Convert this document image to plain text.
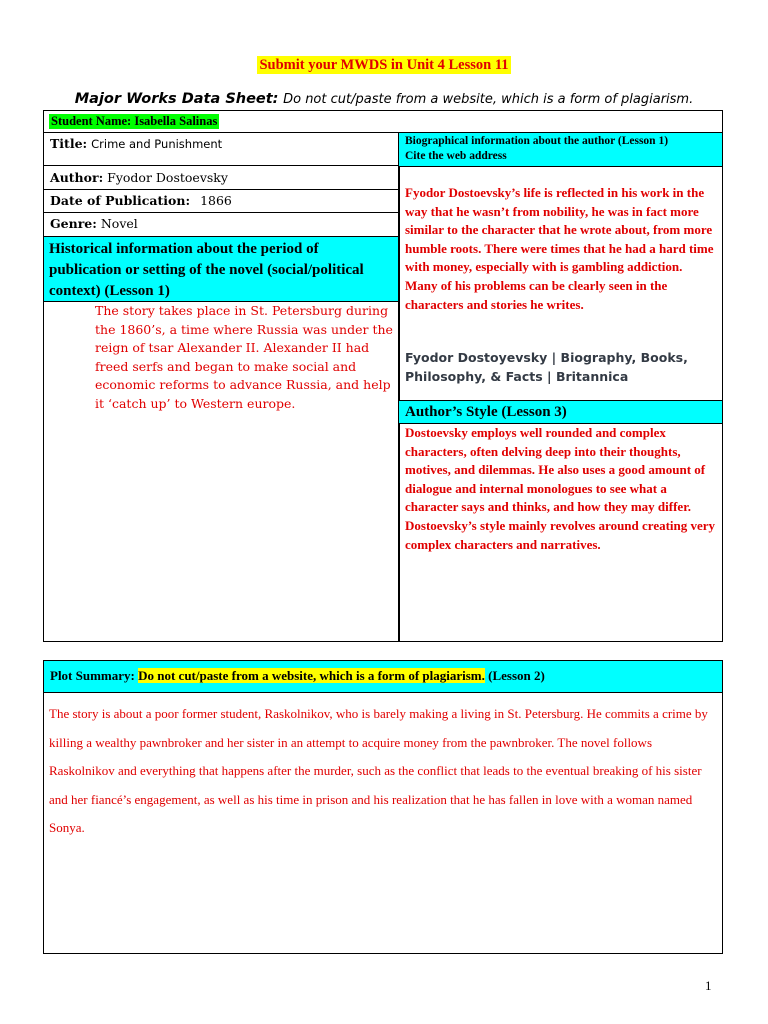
Submit your MWDS in Unit 4 Lesson 11
Major Works Data Sheet: Do not cut/paste from a website, which is a form of plagiarism.
Student Name: Isabella Salinas
Title: Crime and Punishment
Author: Fyodor Dostoevsky
Date of Publication: 1866
Genre: Novel
Historical information about the period of publication or setting of the novel (social/political context) (Lesson 1)
The story takes place in St. Petersburg during the 1860’s, a time where Russia was under the reign of tsar Alexander II. Alexander II had freed serfs and began to make social and economic reforms to advance Russia, and help it ‘catch up’ to Western europe.
Biographical information about the author (Lesson 1)
Cite the web address
Fyodor Dostoevsky’s life is reflected in his work in the way that he wasn’t from nobility, he was in fact more similar to the character that he wrote about, from more humble roots. There were times that he had a hard time with money, especially with is gambling addiction. Many of his problems can be clearly seen in the characters and stories he writes.
Fyodor Dostoyevsky | Biography, Books, Philosophy, & Facts | Britannica
Author’s Style (Lesson 3)
Dostoevsky employs well rounded and complex characters, often delving deep into their thoughts, motives, and dilemmas. He also uses a good amount of dialogue and internal monologues to see what a character says and thinks, and how they may differ. Dostoevsky’s style mainly revolves around creating very complex characters and narratives.
Plot Summary: Do not cut/paste from a website, which is a form of plagiarism. (Lesson 2)
The story is about a poor former student, Raskolnikov, who is barely making a living in St. Petersburg. He commits a crime by killing a wealthy pawnbroker and her sister in an attempt to acquire money from the pawnbroker. The novel follows Raskolnikov and everything that happens after the murder, such as the conflict that leads to the eventual breaking of his sister and her fiancé’s engagement, as well as his time in prison and his realization that he has fallen in love with a woman named Sonya.
1
